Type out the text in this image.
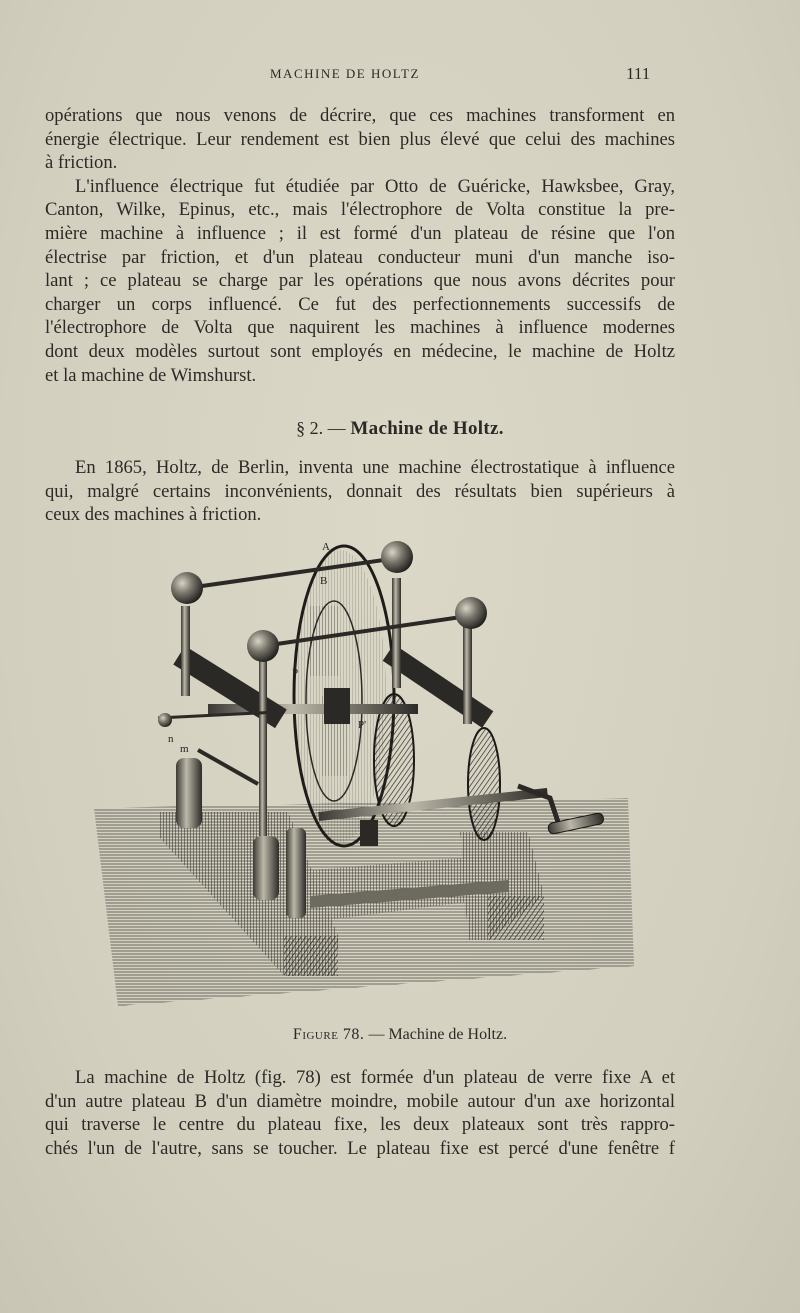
MACHINE DE HOLTZ	111
opérations que nous venons de décrire, que ces machines transforment en
énergie électrique. Leur rendement est bien plus élevé que celui des machines
à friction.
L'influence électrique fut étudiée par Otto de Guéricke, Hawksbee, Gray,
Canton, Wilke, Epinus, etc., mais l'électrophore de Volta constitue la pre-
mière machine à influence ; il est formé d'un plateau de résine que l'on
électrise par friction, et d'un plateau conducteur muni d'un manche iso-
lant ; ce plateau se charge par les opérations que nous avons décrites pour
charger un corps influencé. Ce fut des perfectionnements successifs de
l'électrophore de Volta que naquirent les machines à influence modernes
dont deux modèles surtout sont employés en médecine, le machine de Holtz
et la machine de Wimshurst.
§ 2. — Machine de Holtz.
En 1865, Holtz, de Berlin, inventa une machine électrostatique à influence
qui, malgré certains inconvénients, donnait des résultats bien supérieurs à
ceux des machines à friction.
A
B
P
P'
n
m
Figure 78. — Machine de Holtz.
La machine de Holtz (fig. 78) est formée d'un plateau de verre fixe A et
d'un autre plateau B d'un diamètre moindre, mobile autour d'un axe horizontal
qui traverse le centre du plateau fixe, les deux plateaux sont très rappro-
chés l'un de l'autre, sans se toucher. Le plateau fixe est percé d'une fenêtre f
